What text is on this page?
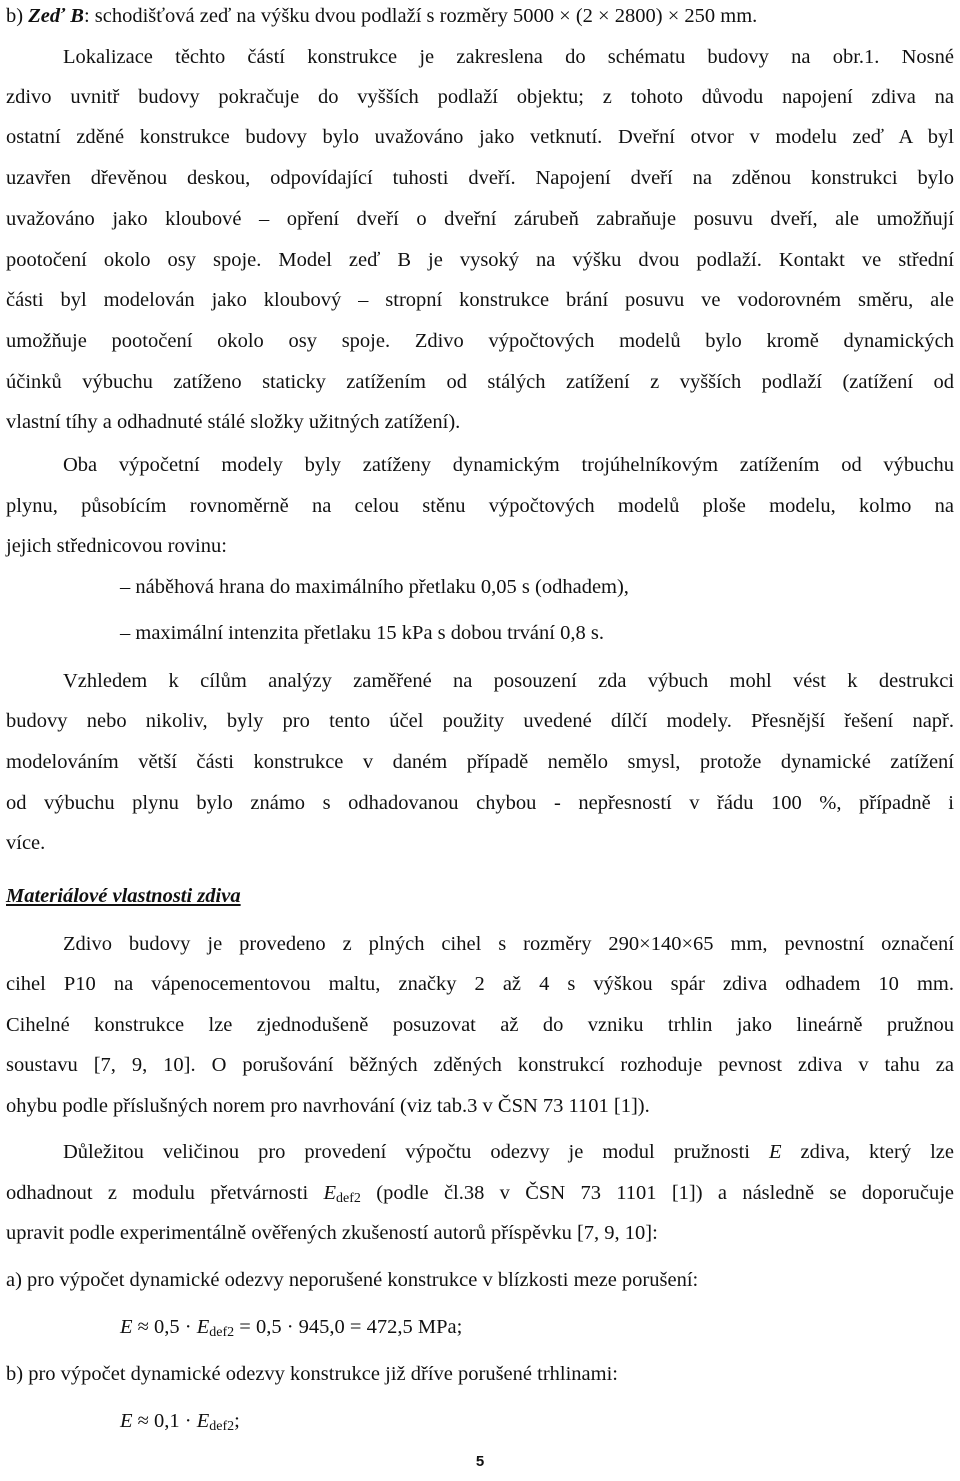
b) Zeď B: schodišťová zeď na výšku dvou podlaží s rozměry 5000 × (2 × 2800) × 250 mm.
Lokalizace těchto částí konstrukce je zakreslena do schématu budovy na obr.1. Nosné
zdivo uvnitř budovy pokračuje do vyšších podlaží objektu; z tohoto důvodu napojení zdiva na
ostatní zděné konstrukce budovy bylo uvažováno jako vetknutí. Dveřní otvor v modelu zeď A byl
uzavřen dřevěnou deskou, odpovídající tuhosti dveří. Napojení dveří na zděnou konstrukci bylo
uvažováno jako kloubové – opření dveří o dveřní zárubeň zabraňuje posuvu dveří, ale umožňují
pootočení okolo osy spoje. Model zeď B je vysoký na výšku dvou podlaží. Kontakt ve střední
části byl modelován jako kloubový – stropní konstrukce brání posuvu ve vodorovném směru, ale
umožňuje pootočení okolo osy spoje. Zdivo výpočtových modelů bylo kromě dynamických
účinků výbuchu zatíženo staticky zatížením od stálých zatížení z vyšších podlaží (zatížení od
vlastní tíhy a odhadnuté stálé složky užitných zatížení).
Oba výpočetní modely byly zatíženy dynamickým trojúhelníkovým zatížením od výbuchu
plynu, působícím rovnoměrně na celou stěnu výpočtových modelů ploše modelu, kolmo na
jejich střednicovou rovinu:
– náběhová hrana do maximálního přetlaku 0,05 s (odhadem),
– maximální intenzita přetlaku 15 kPa s dobou trvání 0,8 s.
Vzhledem k cílům analýzy zaměřené na posouzení zda výbuch mohl vést k destrukci
budovy nebo nikoliv, byly pro tento účel použity uvedené dílčí modely. Přesnější řešení např.
modelováním větší části konstrukce v daném případě nemělo smysl, protože dynamické zatížení
od výbuchu plynu bylo známo s odhadovanou chybou - nepřesností v řádu 100 %, případně i
více.
Materiálové vlastnosti zdiva
Zdivo budovy je provedeno z plných cihel s rozměry 290×140×65 mm, pevnostní označení
cihel P10 na vápenocementovou maltu, značky 2 až 4 s výškou spár zdiva odhadem 10 mm.
Cihelné konstrukce lze zjednodušeně posuzovat až do vzniku trhlin jako lineárně pružnou
soustavu [7, 9, 10]. O porušování běžných zděných konstrukcí rozhoduje pevnost zdiva v tahu za
ohybu podle příslušných norem pro navrhování (viz tab.3 v ČSN 73 1101 [1]).
Důležitou veličinou pro provedení výpočtu odezvy je modul pružnosti E zdiva, který lze
odhadnout z modulu přetvárnosti $E_{def2}$ (podle čl.38 v ČSN 73 1101 [1]) a následně se doporučuje
upravit podle experimentálně ověřených zkušeností autorů příspěvku [7, 9, 10]:
a) pro výpočet dynamické odezvy neporušené konstrukce v blízkosti meze porušení:
$E \approx 0,5 \cdot E_{def2} = 0,5 \cdot 945,0 = 472,5$ MPa;
b) pro výpočet dynamické odezvy konstrukce již dříve porušené trhlinami:
$E \approx 0,1 \cdot E_{def2}$;
5
